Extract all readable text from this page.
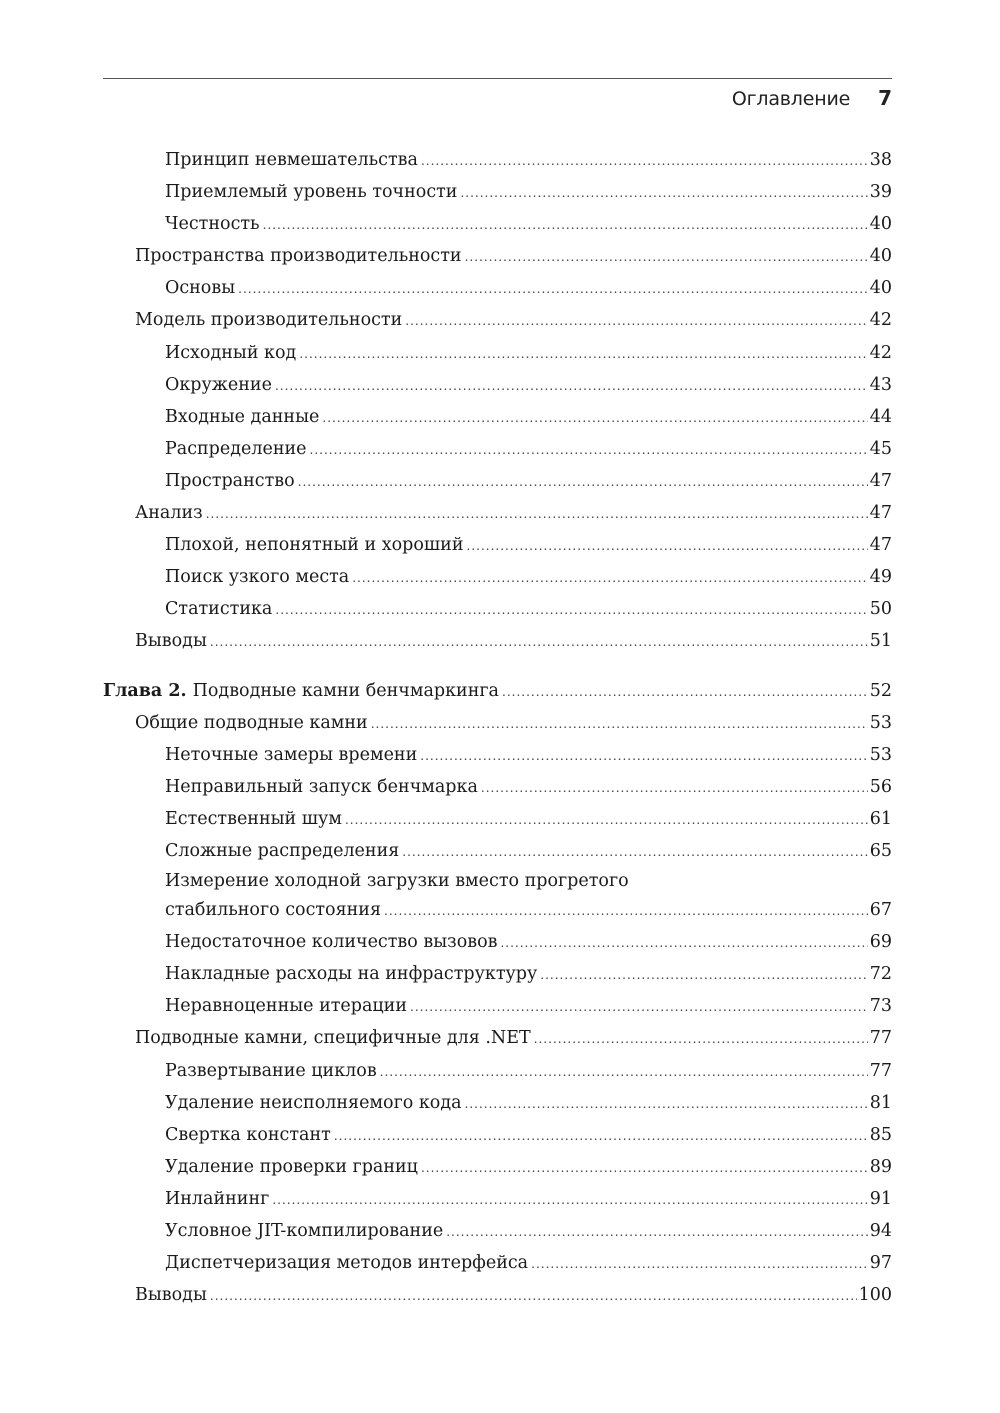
Оглавление 7
Принцип невмешательства .....	38
Приемлемый уровень точности .....	39
Честность .....	40
Пространства производительности .....	40
Основы .....	40
Модель производительности .....	42
Исходный код .....	42
Окружение .....	43
Входные данные .....	44
Распределение .....	45
Пространство .....	47
Анализ .....	47
Плохой, непонятный и хороший .....	47
Поиск узкого места .....	49
Статистика .....	50
Выводы .....	51
Глава 2. Подводные камни бенчмаркинга .....	52
Общие подводные камни .....	53
Неточные замеры времени .....	53
Неправильный запуск бенчмарка .....	56
Естественный шум .....	61
Сложные распределения .....	65
Измерение холодной загрузки вместо прогретого
стабильного состояния .....	67
Недостаточное количество вызовов .....	69
Накладные расходы на инфраструктуру .....	72
Неравноценные итерации .....	73
Подводные камни, специфичные для .NET .....	77
Развертывание циклов .....	77
Удаление неисполняемого кода .....	81
Свертка констант .....	85
Удаление проверки границ .....	89
Инлайнинг .....	91
Условное JIT-компилирование .....	94
Диспетчеризация методов интерфейса .....	97
Выводы .....	100
